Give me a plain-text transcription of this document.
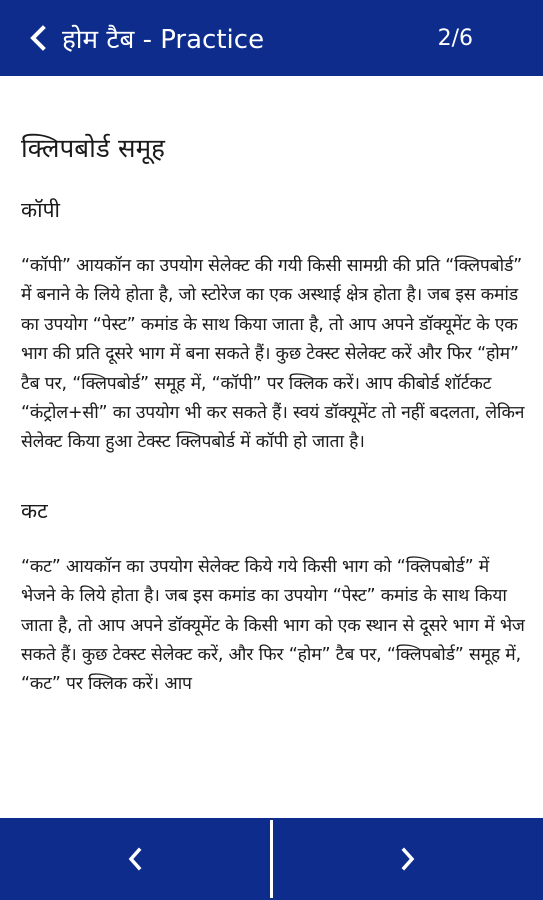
होम टैब - Practice	2/6
क्लिपबोर्ड समूह
कॉपी

“कॉपी” आयकॉन का उपयोग सेलेक्ट की गयी किसी सामग्री की प्रति “क्लिपबोर्ड” में बनाने के लिये होता है, जो स्टोरेज का एक अस्थाई क्षेत्र होता है। जब इस कमांड का उपयोग “पेस्ट” कमांड के साथ किया जाता है, तो आप अपने डॉक्यूमेंट के एक भाग की प्रति दूसरे भाग में बना सकते हैं। कुछ टेक्स्ट सेलेक्ट करें और फिर “होम” टैब पर, “क्लिपबोर्ड” समूह में, “कॉपी” पर क्लिक करें। आप कीबोर्ड शॉर्टकट “कंट्रोल+सी” का उपयोग भी कर सकते हैं। स्वयं डॉक्यूमेंट तो नहीं बदलता, लेकिन सेलेक्ट किया हुआ टेक्स्ट क्लिपबोर्ड में कॉपी हो जाता है।

कट

“कट” आयकॉन का उपयोग सेलेक्ट किये गये किसी भाग को “क्लिपबोर्ड” में भेजने के लिये होता है। जब इस कमांड का उपयोग “पेस्ट” कमांड के साथ किया जाता है, तो आप अपने डॉक्यूमेंट के किसी भाग को एक स्थान से दूसरे भाग में भेज सकते हैं। कुछ टेक्स्ट सेलेक्ट करें, और फिर “होम” टैब पर, “क्लिपबोर्ड” समूह में, “कट” पर क्लिक करें। आप
